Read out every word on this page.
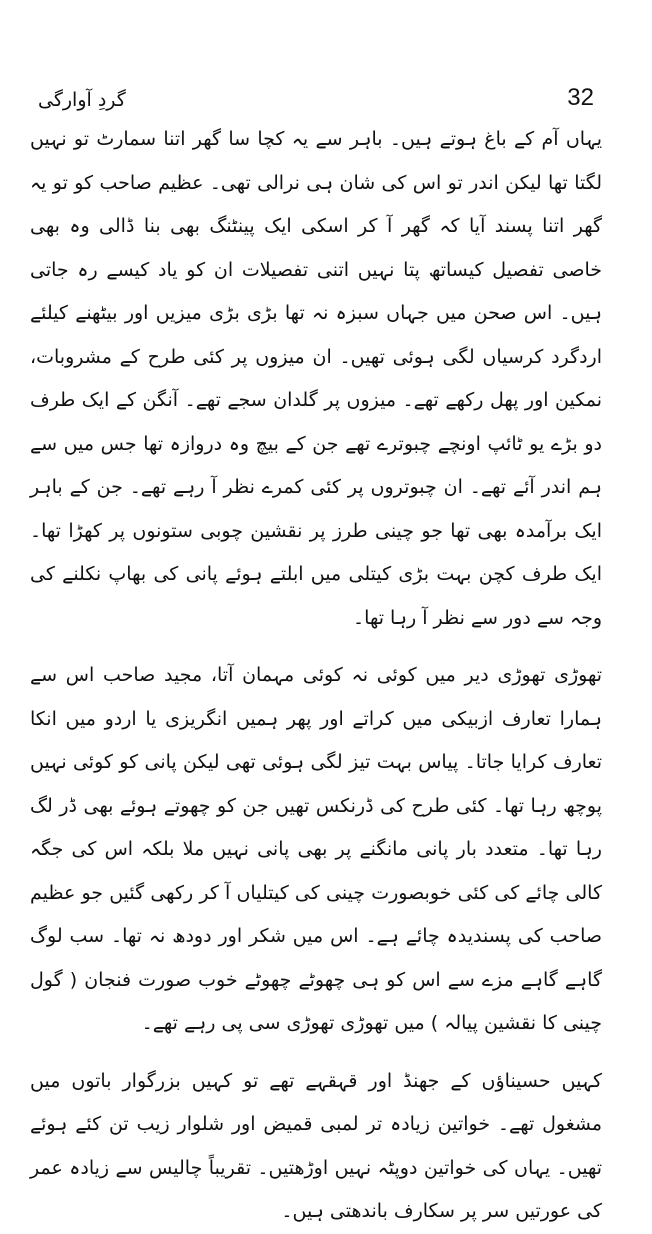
32
گردِ آوارگی

یہاں آم کے باغ ہوتے ہیں۔ باہر سے یہ کچا سا گھر اتنا سمارٹ تو نہیں لگتا تھا لیکن اندر تو اس کی شان ہی نرالی تھی۔ عظیم صاحب کو تو یہ گھر اتنا پسند آیا کہ گھر آ کر اسکی ایک پینٹنگ بھی بنا ڈالی وہ بھی خاصی تفصیل کیساتھ پتا نہیں اتنی تفصیلات ان کو یاد کیسے رہ جاتی ہیں۔ اس صحن میں جہاں سبزہ نہ تھا بڑی بڑی میزیں اور بیٹھنے کیلئے اردگرد کرسیاں لگی ہوئی تھیں۔ ان میزوں پر کئی طرح کے مشروبات، نمکین اور پھل رکھے تھے۔ میزوں پر گلدان سجے تھے۔ آنگن کے ایک طرف دو بڑے یو ٹائپ اونچے چبوترے تھے جن کے بیچ وہ دروازہ تھا جس میں سے ہم اندر آئے تھے۔ ان چبوتروں پر کئی کمرے نظر آ رہے تھے۔ جن کے باہر ایک برآمدہ بھی تھا جو چینی طرز پر نقشین چوبی ستونوں پر کھڑا تھا۔ ایک طرف کچن بہت بڑی کیتلی میں ابلتے ہوئے پانی کی بھاپ نکلنے کی وجہ سے دور سے نظر آ رہا تھا۔

تھوڑی تھوڑی دیر میں کوئی نہ کوئی مہمان آتا، مجید صاحب اس سے ہمارا تعارف ازبیکی میں کراتے اور پھر ہمیں انگریزی یا اردو میں انکا تعارف کرایا جاتا۔ پیاس بہت تیز لگی ہوئی تھی لیکن پانی کو کوئی نہیں پوچھ رہا تھا۔ کئی طرح کی ڈرنکس تھیں جن کو چھوتے ہوئے بھی ڈر لگ رہا تھا۔ متعدد بار پانی مانگنے پر بھی پانی نہیں ملا بلکہ اس کی جگہ کالی چائے کی کئی خوبصورت چینی کی کیتلیاں آ کر رکھی گئیں جو عظیم صاحب کی پسندیدہ چائے ہے۔ اس میں شکر اور دودھ نہ تھا۔ سب لوگ گاہے گاہے مزے سے اس کو ہی چھوٹے چھوٹے خوب صورت فنجان ( گول چینی کا نقشین پیالہ ) میں تھوڑی تھوڑی سی پی رہے تھے۔

کہیں حسیناؤں کے جھنڈ اور قہقہے تھے تو کہیں بزرگوار باتوں میں مشغول تھے۔ خواتین زیادہ تر لمبی قمیض اور شلوار زیب تن کئے ہوئے تھیں۔ یہاں کی خواتین دوپٹہ نہیں اوڑھتیں۔ تقریباً چالیس سے زیادہ عمر کی عورتیں سر پر سکارف باندھتی ہیں۔
